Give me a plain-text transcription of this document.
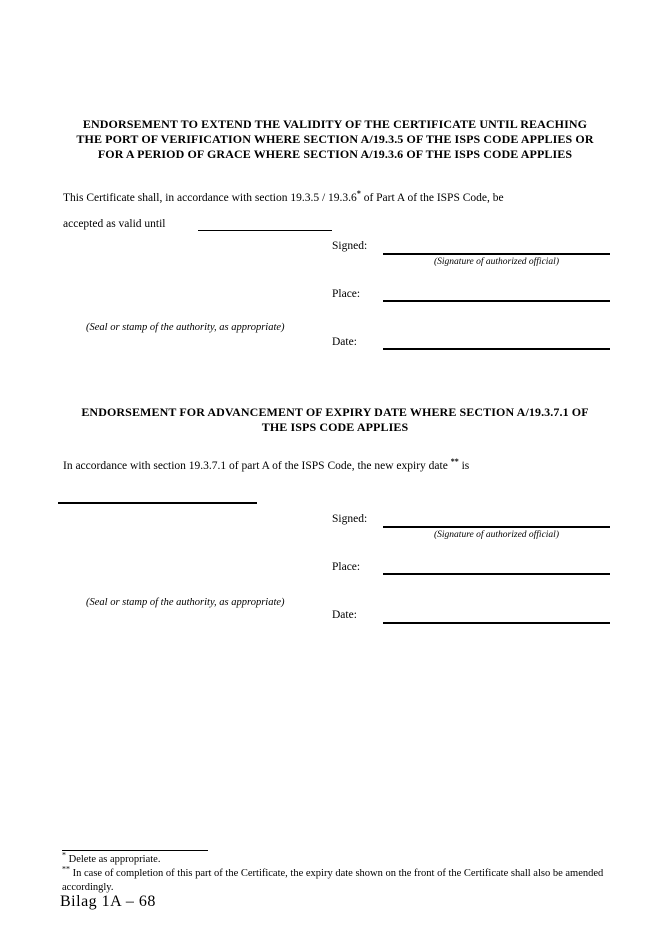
ENDORSEMENT TO EXTEND THE VALIDITY OF THE CERTIFICATE UNTIL REACHING
THE PORT OF VERIFICATION WHERE SECTION A/19.3.5 OF THE ISPS CODE APPLIES OR
FOR A PERIOD OF GRACE WHERE SECTION A/19.3.6 OF THE ISPS CODE APPLIES
This Certificate shall, in accordance with section 19.3.5 / 19.3.6* of Part A of the ISPS Code, be
accepted as valid until
Signed:
(Signature of authorized official)
Place:
(Seal or stamp of the authority, as appropriate)
Date:
ENDORSEMENT FOR ADVANCEMENT OF EXPIRY DATE WHERE SECTION A/19.3.7.1 OF
THE ISPS CODE APPLIES
In accordance with section 19.3.7.1 of part A of the ISPS Code, the new expiry date ** is
Signed:
(Signature of authorized official)
Place:
(Seal or stamp of the authority, as appropriate)
Date:
* Delete as appropriate.
** In case of completion of this part of the Certificate, the expiry date shown on the front of the Certificate shall also be amended accordingly.
Bilag 1A – 68
